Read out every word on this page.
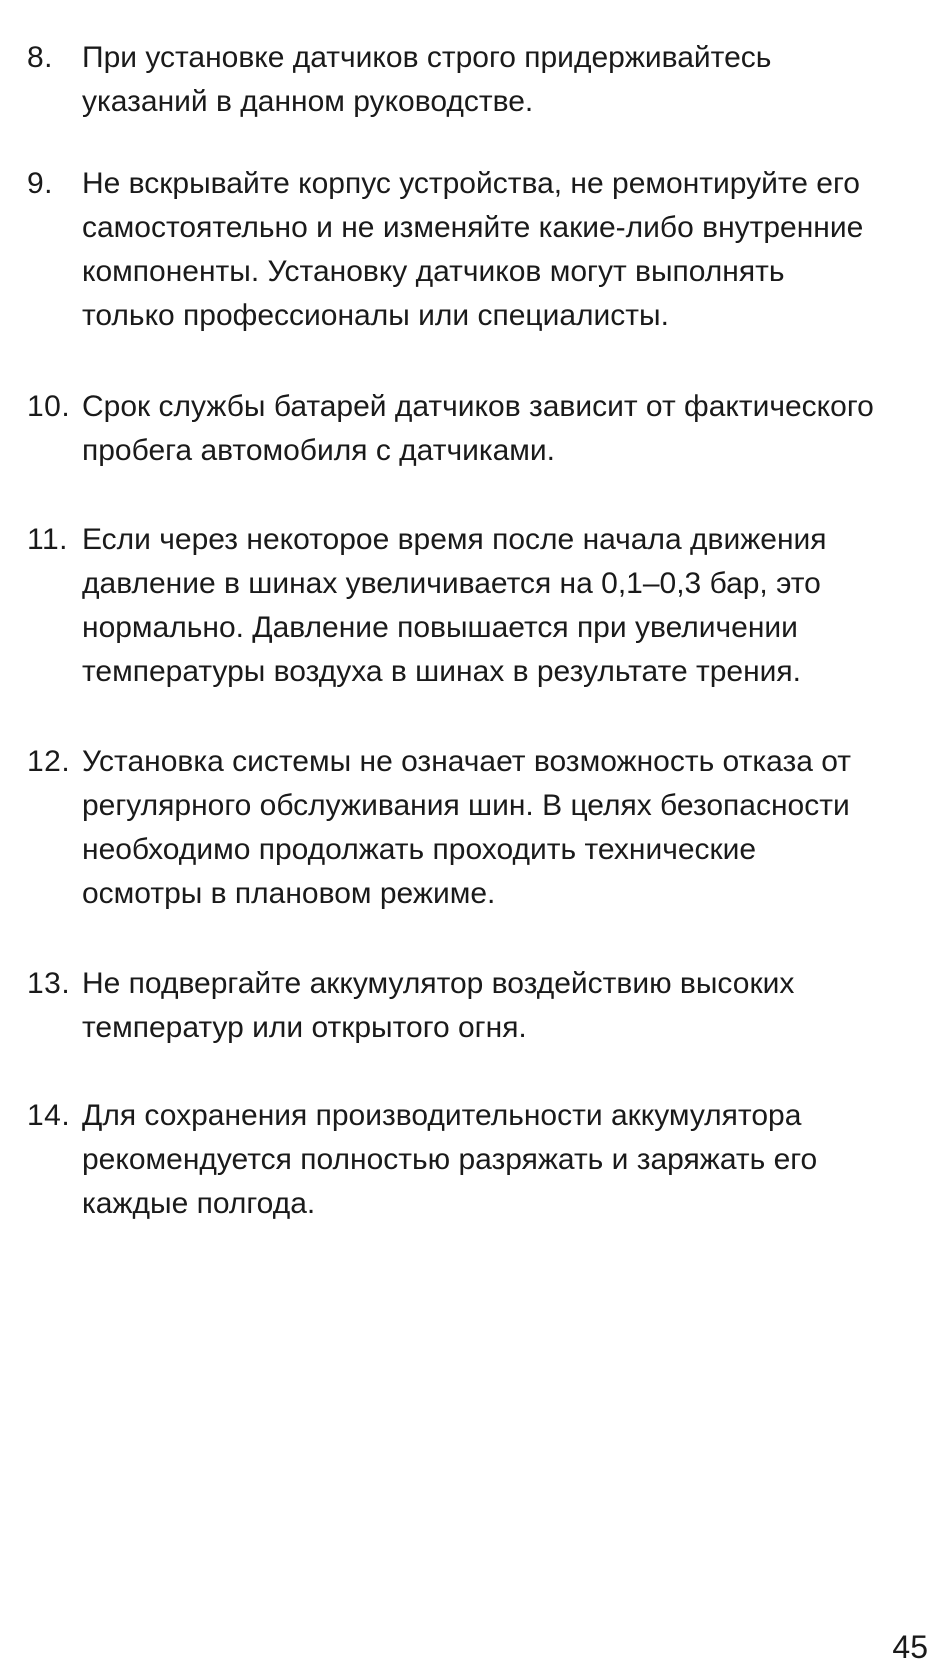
8. При установке датчиков строго придерживайтесь
указаний в данном руководстве.

9. Не вскрывайте корпус устройства, не ремонтируйте его
самостоятельно и не изменяйте какие-либо внутренние
компоненты. Установку датчиков могут выполнять
только профессионалы или специалисты.

10. Срок службы батарей датчиков зависит от фактического
пробега автомобиля с датчиками.

11. Если через некоторое время после начала движения
давление в шинах увеличивается на 0,1–0,3 бар, это
нормально. Давление повышается при увеличении
температуры воздуха в шинах в результате трения.

12. Установка системы не означает возможность отказа от
регулярного обслуживания шин. В целях безопасности
необходимо продолжать проходить технические
осмотры в плановом режиме.

13. Не подвергайте аккумулятор воздействию высоких
температур или открытого огня.

14. Для сохранения производительности аккумулятора
рекомендуется полностью разряжать и заряжать его
каждые полгода.

45
